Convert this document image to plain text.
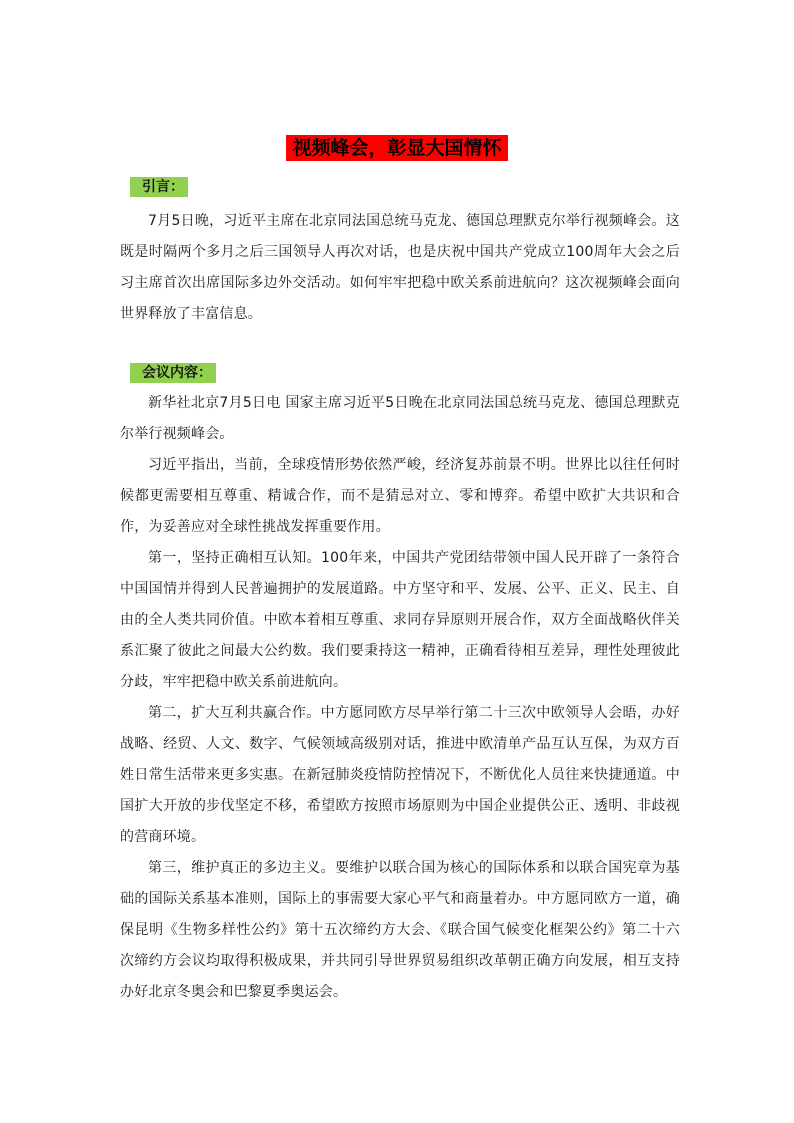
视频峰会，彰显大国情怀
引言：

7月5日晚，习近平主席在北京同法国总统马克龙、德国总理默克尔举行视频峰会。这既是时隔两个多月之后三国领导人再次对话，也是庆祝中国共产党成立100周年大会之后习主席首次出席国际多边外交活动。如何牢牢把稳中欧关系前进航向？这次视频峰会面向世界释放了丰富信息。

会议内容：

新华社北京7月5日电 国家主席习近平5日晚在北京同法国总统马克龙、德国总理默克尔举行视频峰会。

习近平指出，当前，全球疫情形势依然严峻，经济复苏前景不明。世界比以往任何时候都更需要相互尊重、精诚合作，而不是猜忌对立、零和博弈。希望中欧扩大共识和合作，为妥善应对全球性挑战发挥重要作用。

第一，坚持正确相互认知。100年来，中国共产党团结带领中国人民开辟了一条符合中国国情并得到人民普遍拥护的发展道路。中方坚守和平、发展、公平、正义、民主、自由的全人类共同价值。中欧本着相互尊重、求同存异原则开展合作，双方全面战略伙伴关系汇聚了彼此之间最大公约数。我们要秉持这一精神，正确看待相互差异，理性处理彼此分歧，牢牢把稳中欧关系前进航向。

第二，扩大互利共赢合作。中方愿同欧方尽早举行第二十三次中欧领导人会晤，办好战略、经贸、人文、数字、气候领域高级别对话，推进中欧清单产品互认互保，为双方百姓日常生活带来更多实惠。在新冠肺炎疫情防控情况下，不断优化人员往来快捷通道。中国扩大开放的步伐坚定不移，希望欧方按照市场原则为中国企业提供公正、透明、非歧视的营商环境。

第三，维护真正的多边主义。要维护以联合国为核心的国际体系和以联合国宪章为基础的国际关系基本准则，国际上的事需要大家心平气和商量着办。中方愿同欧方一道，确保昆明《生物多样性公约》第十五次缔约方大会、《联合国气候变化框架公约》第二十六次缔约方会议均取得积极成果，并共同引导世界贸易组织改革朝正确方向发展，相互支持办好北京冬奥会和巴黎夏季奥运会。
